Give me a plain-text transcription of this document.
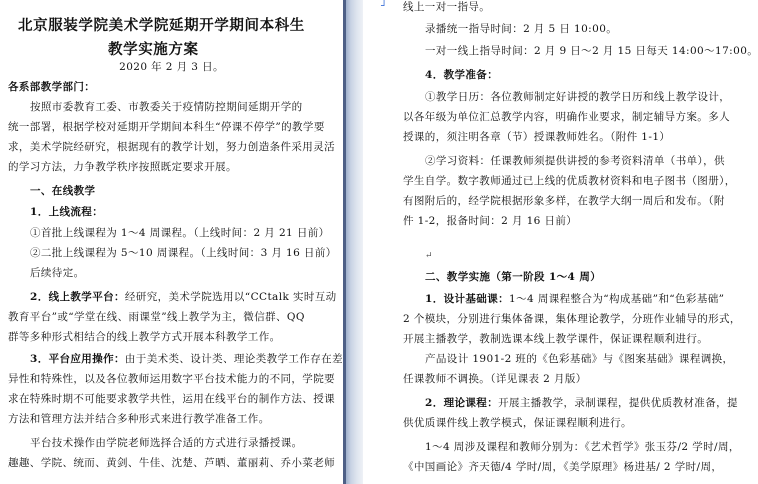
北京服装学院美术学院延期开学期间本科生
教学实施方案
2020 年 2 月 3 日。
各系部教学部门：
按照市委教育工委、市教委关于疫情防控期间延期开学的
统一部署，根据学校对延期开学期间本科生“停课不停学”的教学要
求，美术学院经研究，根据现有的教学计划，努力创造条件采用灵活
的学习方法，力争教学秩序按照既定要求开展。
一、在线教学
1．上线流程：
①首批上线课程为 1～4 周课程。（上线时间：2 月 21 日前）
②二批上线课程为 5～10 周课程。（上线时间：3 月 16 日前）
后续待定。
2．线上教学平台：经研究，美术学院选用以“CCtalk 实时互动
教育平台”或“学堂在线、雨课堂”线上教学为主，微信群、QQ
群等多种形式相结合的线上教学方式开展本科教学工作。
3．平台应用操作：由于美术类、设计类、理论类教学工作存在差
异性和特殊性，以及各位教师运用数字平台技术能力的不同，学院要
求在特殊时期不可能要求教学共性，运用在线平台的制作方法、授课
方法和管理方法并结合多种形式来进行教学准备工作。
平台技术操作由学院老师选择合适的方式进行录播授课。
趣趣、学院、统而、黄剑、牛佳、沈楚、芦晒、董丽莉、乔小菜老师
┘ 线上一对一指导。
录播统一指导时间：2 月 5 日 10:00。
一对一线上指导时间：2 月 9 日～2 月 15 日每天 14:00～17:00。
4．教学准备：
①教学日历：各位教师制定好讲授的教学日历和线上教学设计，
以各年级为单位汇总教学内容，明确作业要求，制定辅导方案。多人
授课的，须注明各章（节）授课教师姓名。（附件 1-1）
②学习资料：任课教师须提供讲授的参考资料清单（书单），供
学生自学。数字教师通过已上线的优质教材资料和电子图书（图册），
有图附后的，经学院根据形象多样，在教学大纲一周后和发布。（附
件 1-2，报备时间：2 月 16 日前）
↵
二、教学实施（第一阶段 1～4 周）
1．设计基础课：1～4 周课程整合为“构成基础”和“色彩基础”
2 个模块，分别进行集体备课，集体理论教学，分班作业辅导的形式，
开展主播教学，教制选课本线上教学课件，保证课程顺利进行。
产品设计 1901-2 班的《色彩基础》与《图案基础》课程调换，
任课教师不调换。（详见课表 2 月版）
2．理论课程：开展主播教学，录制课程，提供优质教材准备，提
供优质课件线上教学模式，保证课程顺利进行。
1～4 周涉及课程和教师分别为：《艺术哲学》张玉芬/2 学时/周，
《中国画论》齐天德/4 学时/周，《美学原理》杨进基/ 2 学时/周，
